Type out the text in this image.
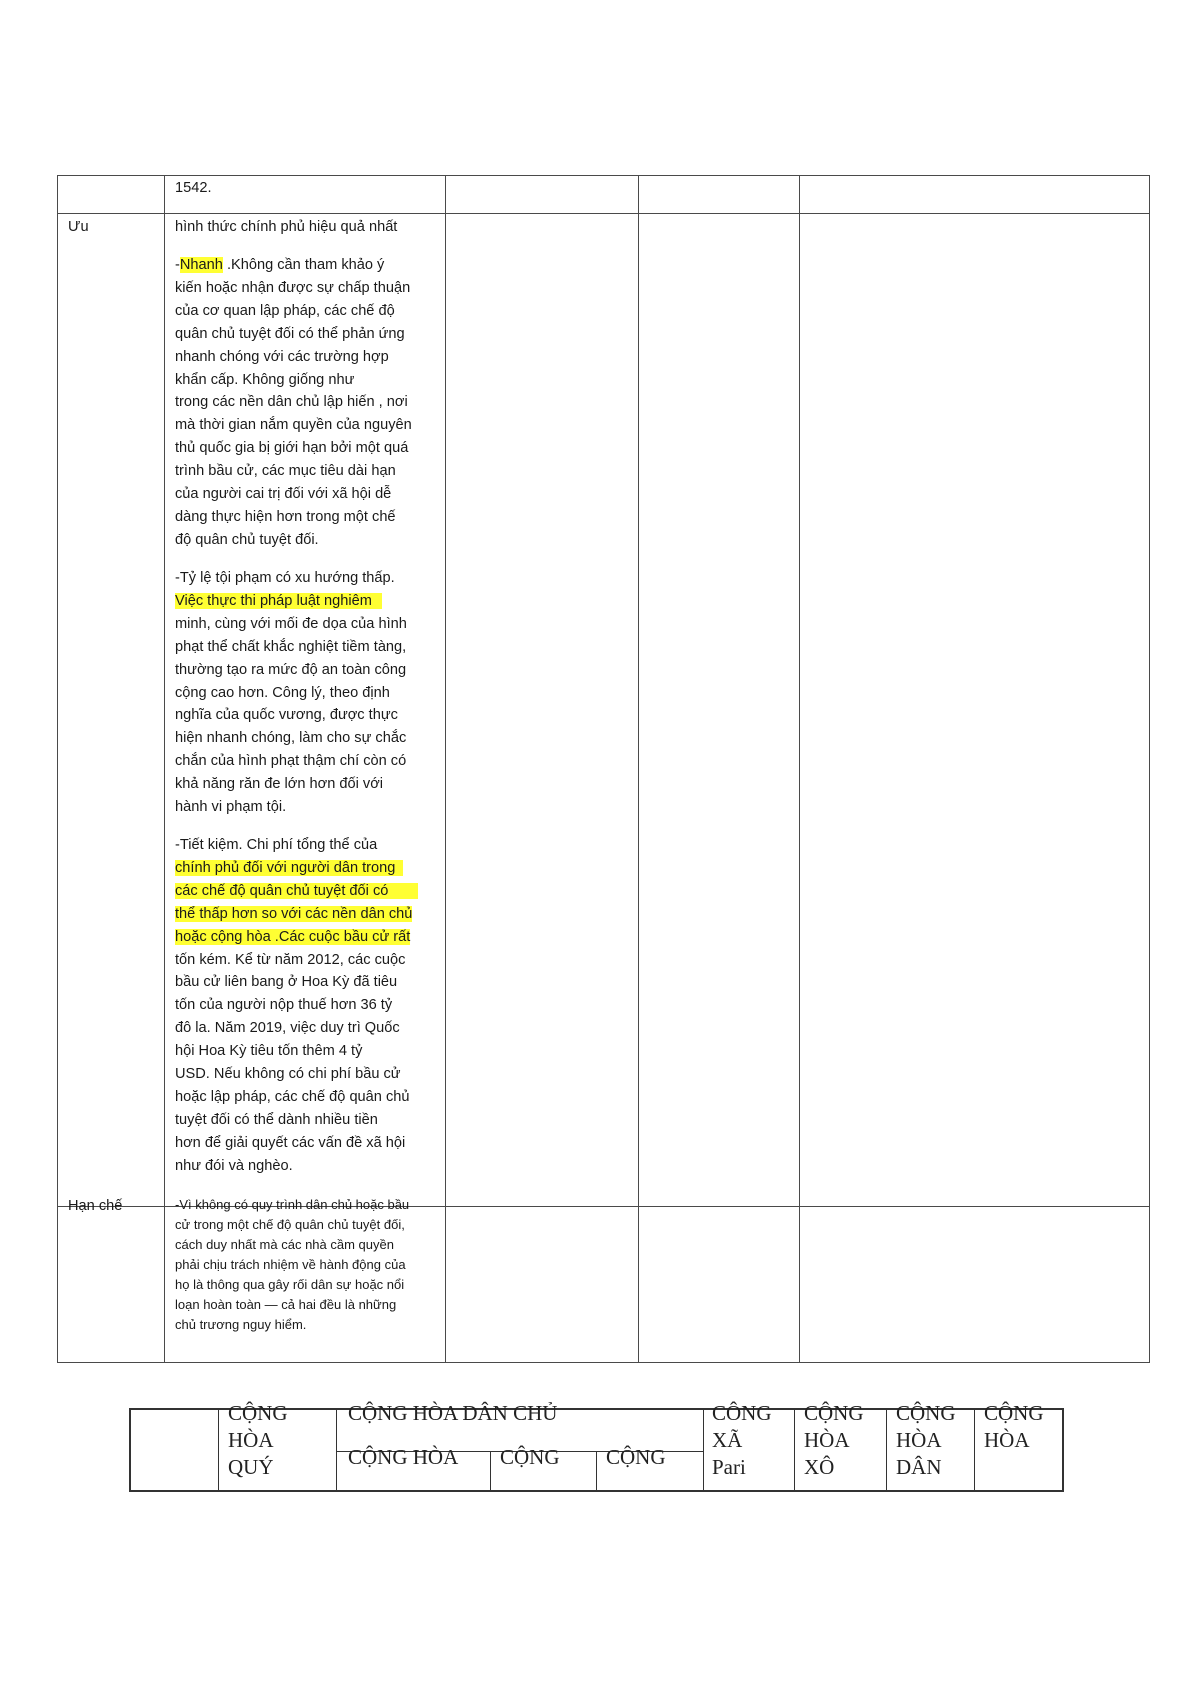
1542.
Ưu	hình thức chính phủ hiệu quả nhất
-Nhanh .Không cần tham khảo ý
kiến hoặc nhận được sự chấp thuận
của cơ quan lập pháp, các chế độ
quân chủ tuyệt đối có thể phản ứng
nhanh chóng với các trường hợp
khẩn cấp. Không giống như
trong các nền dân chủ lập hiến , nơi
mà thời gian nắm quyền của nguyên
thủ quốc gia bị giới hạn bởi một quá
trình bầu cử, các mục tiêu dài hạn
của người cai trị đối với xã hội dễ
dàng thực hiện hơn trong một chế
độ quân chủ tuyệt đối.
-Tỷ lệ tội phạm có xu hướng thấp.
Việc thực thi pháp luật nghiêm
minh, cùng với mối đe dọa của hình
phạt thể chất khắc nghiệt tiềm tàng,
thường tạo ra mức độ an toàn công
cộng cao hơn. Công lý, theo định
nghĩa của quốc vương, được thực
hiện nhanh chóng, làm cho sự chắc
chắn của hình phạt thậm chí còn có
khả năng răn đe lớn hơn đối với
hành vi phạm tội.
-Tiết kiệm. Chi phí tổng thể của
chính phủ đối với người dân trong
các chế độ quân chủ tuyệt đối có
thể thấp hơn so với các nền dân chủ
hoặc cộng hòa .Các cuộc bầu cử rất
tốn kém. Kể từ năm 2012, các cuộc
bầu cử liên bang ở Hoa Kỳ đã tiêu
tốn của người nộp thuế hơn 36 tỷ
đô la. Năm 2019, việc duy trì Quốc
hội Hoa Kỳ tiêu tốn thêm 4 tỷ
USD. Nếu không có chi phí bầu cử
hoặc lập pháp, các chế độ quân chủ
tuyệt đối có thể dành nhiều tiền
hơn để giải quyết các vấn đề xã hội
như đói và nghèo.
Hạn chế	-Vì không có quy trình dân chủ hoặc bầu
cử trong một chế độ quân chủ tuyệt đối,
cách duy nhất mà các nhà cầm quyền
phải chịu trách nhiệm về hành động của
họ là thông qua gây rối dân sự hoặc nổi
loạn hoàn toàn — cả hai đều là những
chủ trương nguy hiểm.
CỘNG
HÒA
QUÝ
CỘNG HÒA DÂN CHỦ
CỘNG HÒA CỘNG CỘNG
CÔNG
XÃ
Pari
CỘNG
HÒA
XÔ
CỘNG
HÒA
DÂN
CỘNG
HÒA
